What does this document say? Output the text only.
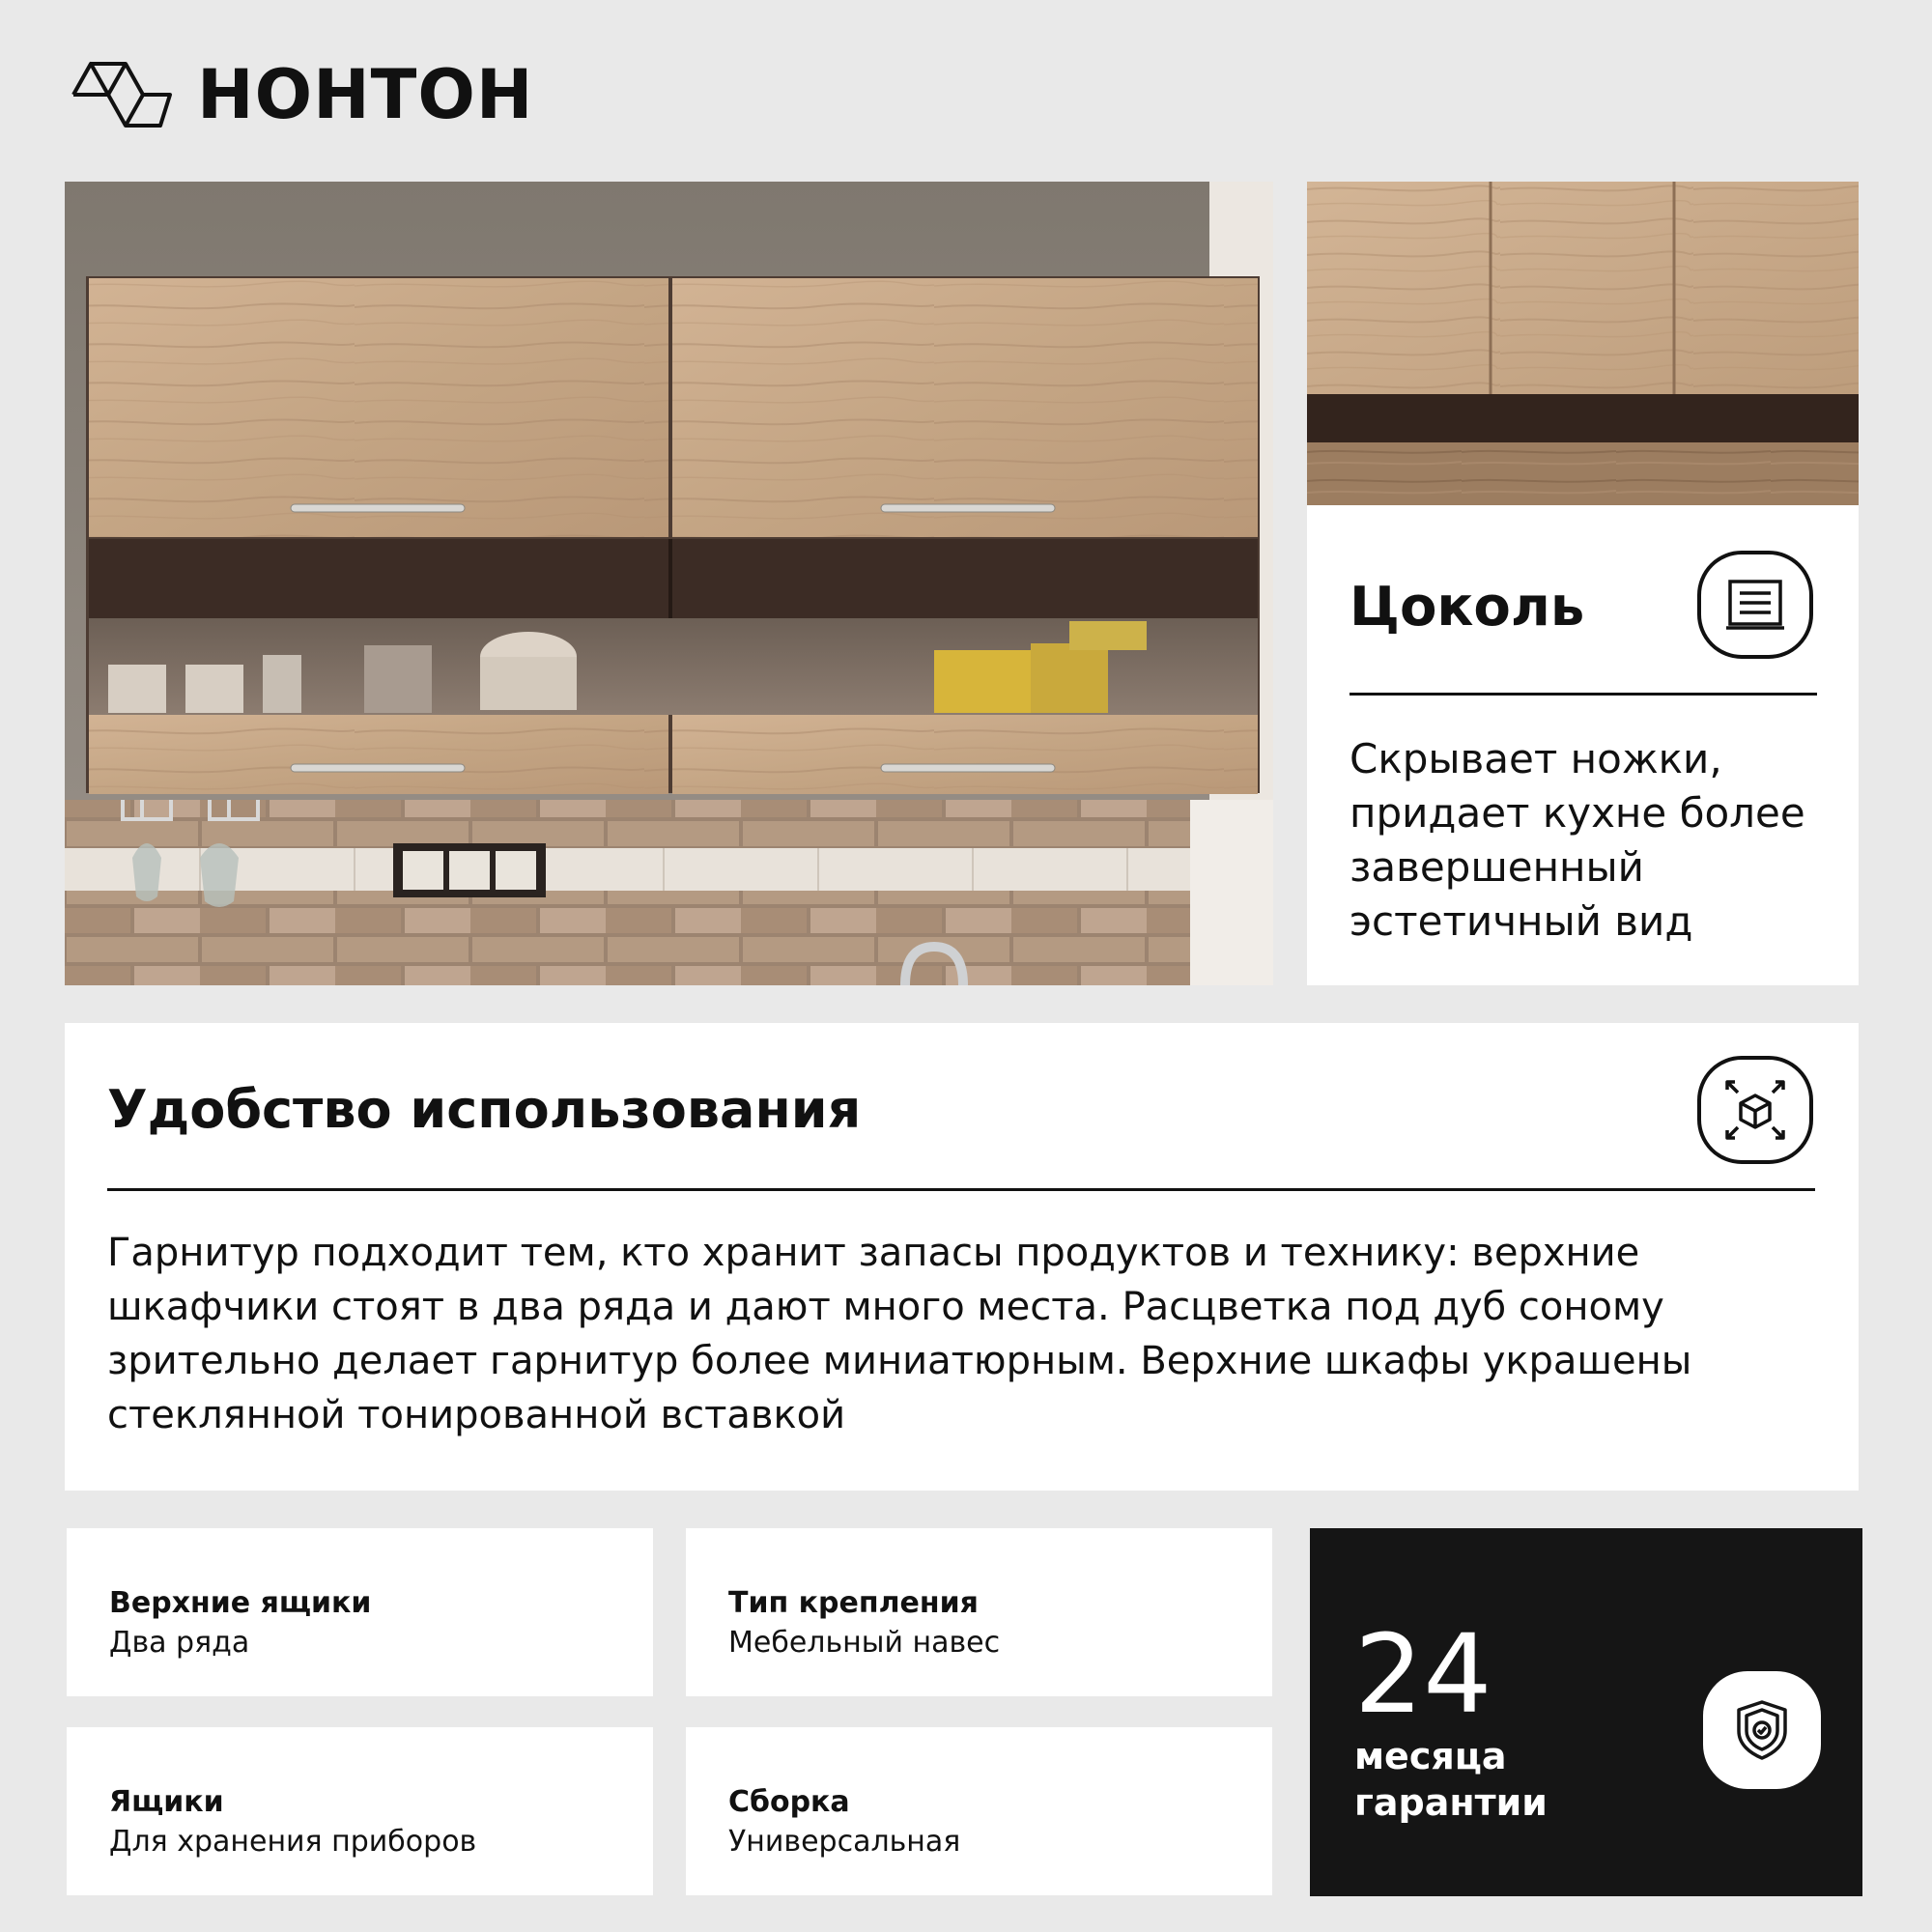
НОНТОН
Цоколь
Скрывает ножки, придает кухне более завершенный эстетичный вид
Удобство использования
Гарнитур подходит тем, кто хранит запасы продуктов и технику: верхние шкафчики стоят в два ряда и дают много места. Расцветка под дуб соному зрительно делает гарнитур более миниатюрным. Верхние шкафы украшены стеклянной тонированной вставкой
Верхние ящики
Два ряда
Тип крепления
Мебельный навес
Ящики
Для хранения приборов
Сборка
Универсальная
24
месяца
гарантии
